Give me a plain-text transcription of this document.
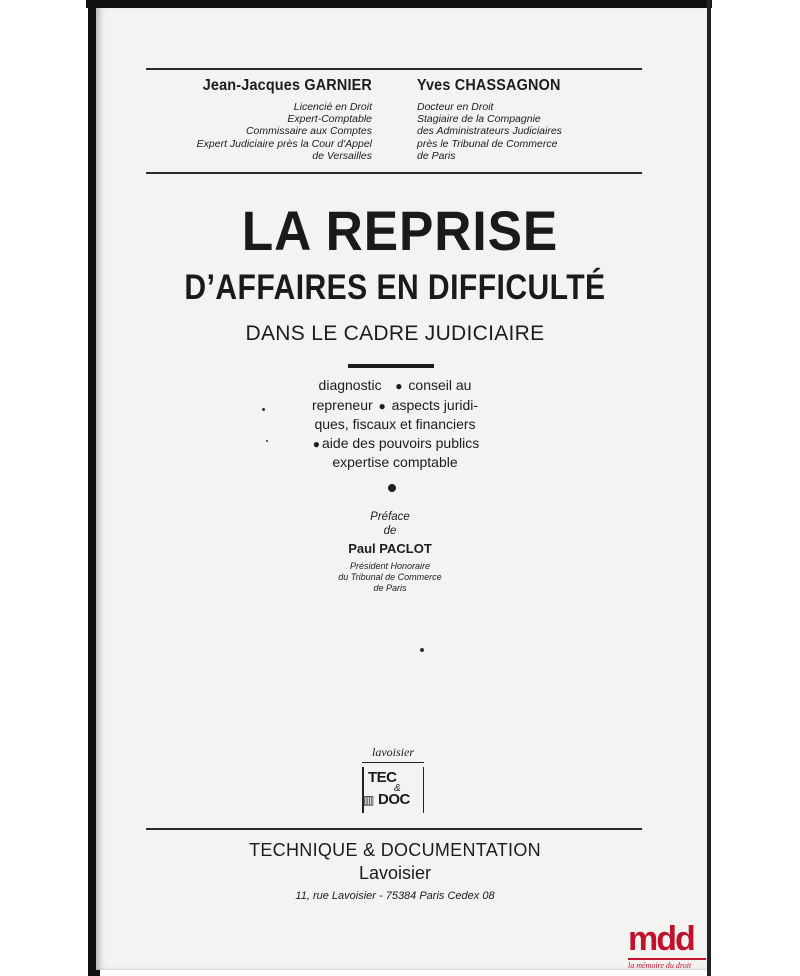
Jean-Jacques GARNIER
Licencié en Droit
Expert-Comptable
Commissaire aux Comptes
Expert Judiciaire près la Cour d'Appel
de Versailles
Yves CHASSAGNON
Docteur en Droit
Stagiaire de la Compagnie
des Administrateurs Judiciaires
près le Tribunal de Commerce
de Paris
LA REPRISE
D’AFFAIRES EN DIFFICULTÉ
DANS LE CADRE JUDICIAIRE
diagnostic ● conseil au
repreneur ● aspects juridi-
ques, fiscaux et financiers
● aide des pouvoirs publics
expertise comptable
Préface
de
Paul PACLOT
Président Honoraire
du Tribunal de Commerce
de Paris
lavoisier
TEC
&
▥ DOC
TECHNIQUE & DOCUMENTATION
Lavoisier
11, rue Lavoisier - 75384 Paris Cedex 08
mdd
la mémoire du droit
